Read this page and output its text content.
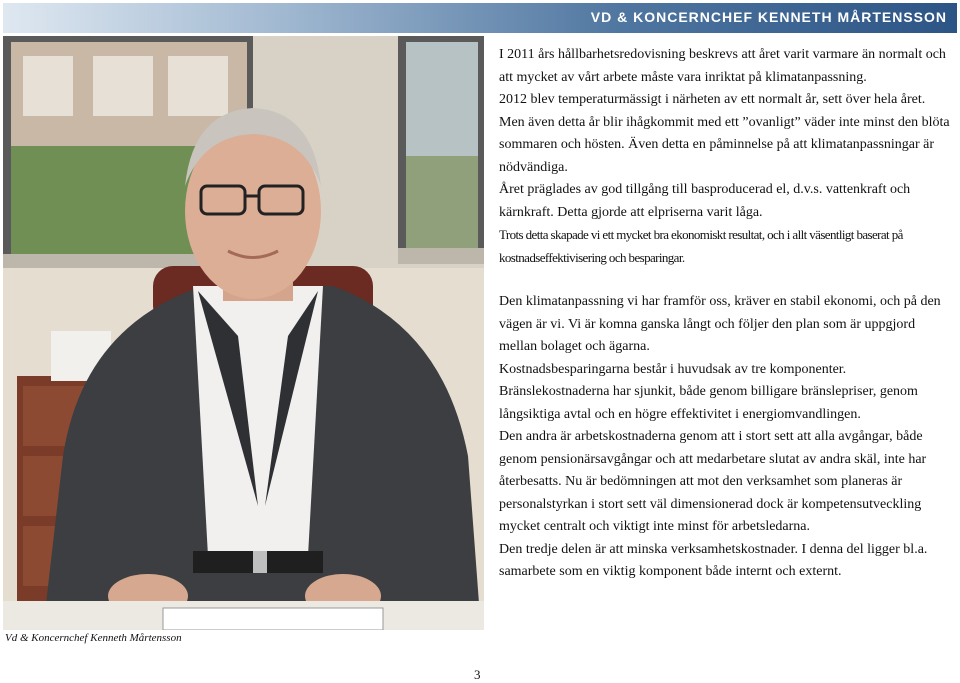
VD & KONCERNCHEF KENNETH MÅRTENSSON
Vd & Koncernchef Kenneth Mårtensson

I 2011 års hållbarhetsredovisning beskrevs att året varit varmare än normalt och att mycket av vårt arbete måste vara inriktat på klimatanpassning.

2012 blev temperaturmässigt i närheten av ett normalt år, sett över hela året. Men även detta år blir ihågkommit med ett ”ovanligt” väder inte minst den blöta sommaren och hösten. Även detta en påminnelse på att klimatanpassningar är nödvändiga.

Året präglades av god tillgång till basproducerad el, d.v.s. vattenkraft och kärnkraft. Detta gjorde att elpriserna varit låga.

Trots detta skapade vi ett mycket bra ekonomiskt resultat, och i allt väsentligt baserat på kostnadseffektivisering och besparingar.

Den klimatanpassning vi har framför oss, kräver en stabil ekonomi, och på den vägen är vi. Vi är komna ganska långt och följer den plan som är uppgjord mellan bolaget och ägarna.

Kostnadsbesparingarna består i huvudsak av tre komponenter.

Bränslekostnaderna har sjunkit, både genom billigare bränslepriser, genom långsiktiga avtal och en högre effektivitet i energiomvandlingen.

Den andra är arbetskostnaderna genom att i stort sett att alla avgångar, både genom pensionärsavgångar och att medarbetare slutat av andra skäl, inte har återbesatts. Nu är bedömningen att mot den verksamhet som planeras är personalstyrkan i stort sett väl dimensionerad dock är kompetensutveckling mycket centralt och viktigt inte minst för arbetsledarna.

Den tredje delen är att minska verksamhetskostnader. I denna del ligger bl.a. samarbete som en viktig komponent både internt och externt.

3
